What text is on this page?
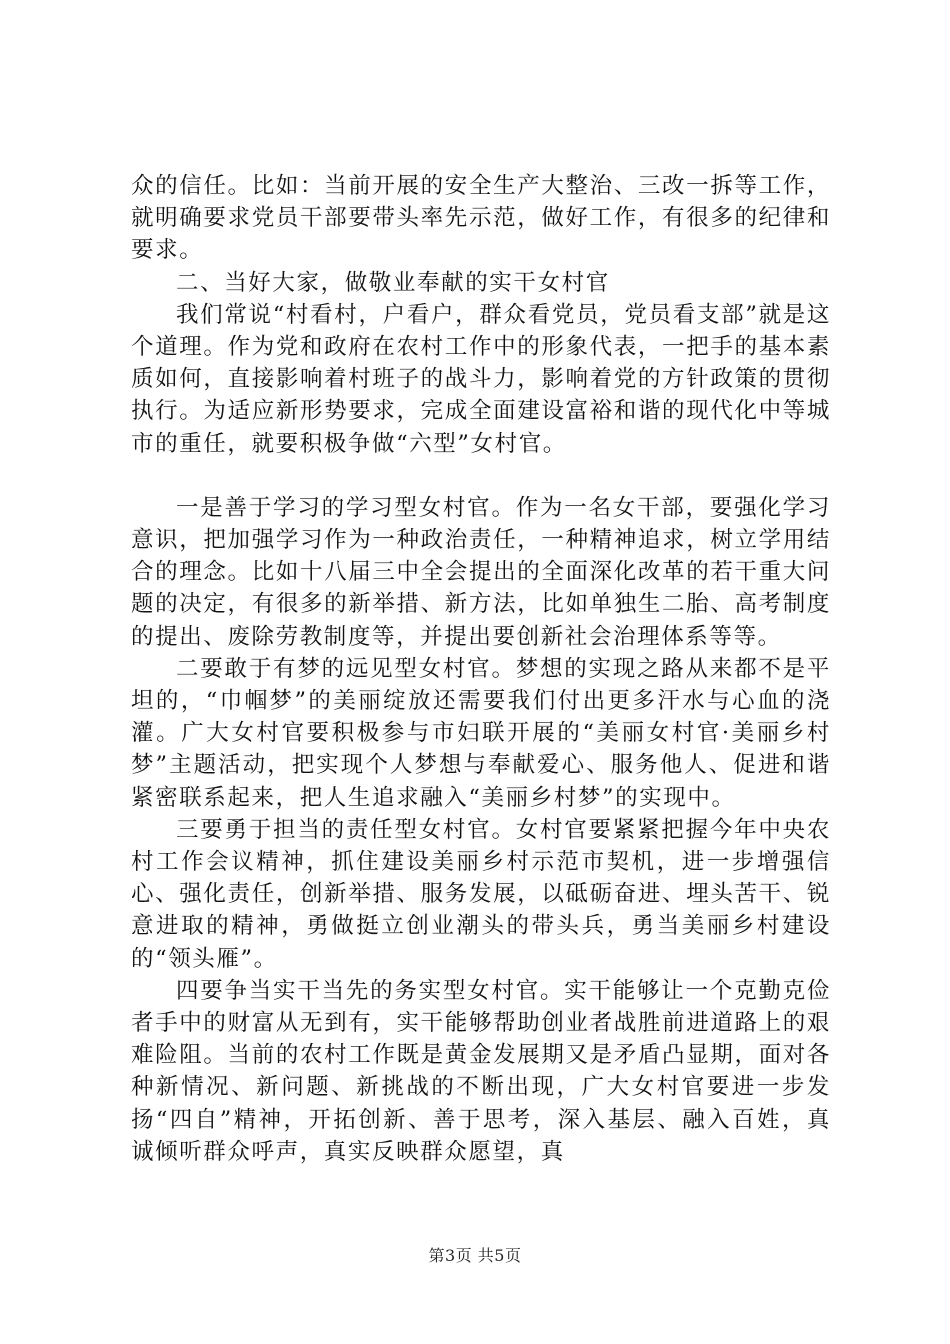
众的信任。比如：当前开展的安全生产大整治、三改一拆等工作，就明确要求党员干部要带头率先示范，做好工作，有很多的纪律和要求。

二、当好大家，做敬业奉献的实干女村官

我们常说“村看村，户看户，群众看党员，党员看支部”就是这个道理。作为党和政府在农村工作中的形象代表，一把手的基本素质如何，直接影响着村班子的战斗力，影响着党的方针政策的贯彻执行。为适应新形势要求，完成全面建设富裕和谐的现代化中等城市的重任，就要积极争做“六型”女村官。

一是善于学习的学习型女村官。作为一名女干部，要强化学习意识，把加强学习作为一种政治责任，一种精神追求，树立学用结合的理念。比如十八届三中全会提出的全面深化改革的若干重大问题的决定，有很多的新举措、新方法，比如单独生二胎、高考制度的提出、废除劳教制度等，并提出要创新社会治理体系等等。

二要敢于有梦的远见型女村官。梦想的实现之路从来都不是平坦的，“巾帼梦”的美丽绽放还需要我们付出更多汗水与心血的浇灌。广大女村官要积极参与市妇联开展的“美丽女村官·美丽乡村梦”主题活动，把实现个人梦想与奉献爱心、服务他人、促进和谐紧密联系起来，把人生追求融入“美丽乡村梦”的实现中。

三要勇于担当的责任型女村官。女村官要紧紧把握今年中央农村工作会议精神，抓住建设美丽乡村示范市契机，进一步增强信心、强化责任，创新举措、服务发展，以砥砺奋进、埋头苦干、锐意进取的精神，勇做挺立创业潮头的带头兵，勇当美丽乡村建设的“领头雁”。

四要争当实干当先的务实型女村官。实干能够让一个克勤克俭者手中的财富从无到有，实干能够帮助创业者战胜前进道路上的艰难险阻。当前的农村工作既是黄金发展期又是矛盾凸显期，面对各种新情况、新问题、新挑战的不断出现，广大女村官要进一步发扬“四自”精神，开拓创新、善于思考，深入基层、融入百姓，真诚倾听群众呼声，真实反映群众愿望，真

第3页 共5页
